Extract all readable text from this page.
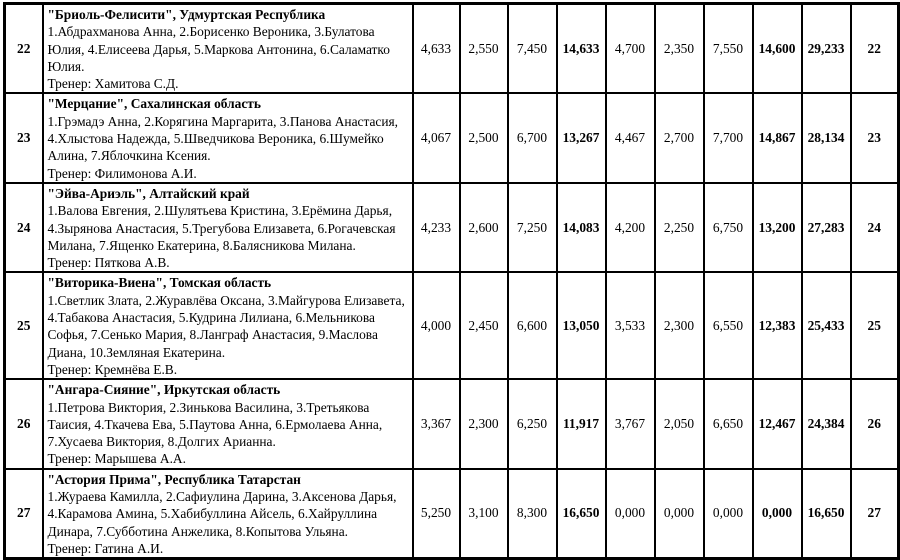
22	"Бриоль-Фелисити", Удмуртская Республика
1.Абдрахманова Анна, 2.Борисенко Вероника, 3.Булатова Юлия, 4.Елисеева Дарья, 5.Маркова Антонина, 6.Саламатко Юлия.
Тренер: Хамитова С.Д.	4,633	2,550	7,450	14,633	4,700	2,350	7,550	14,600	29,233	22
23	"Мерцание", Сахалинская область
1.Грэмадэ Анна, 2.Корягина Маргарита, 3.Панова Анастасия, 4.Хлыстова Надежда, 5.Шведчикова Вероника, 6.Шумейко Алина, 7.Яблочкина Ксения.
Тренер: Филимонова А.И.	4,067	2,500	6,700	13,267	4,467	2,700	7,700	14,867	28,134	23
24	"Эйва-Ариэль", Алтайский край
1.Валова Евгения, 2.Шулятьева Кристина, 3.Ерёмина Дарья, 4.Зырянова Анастасия, 5.Трегубова Елизавета, 6.Рогачевская Милана, 7.Ященко Екатерина, 8.Балясникова Милана.
Тренер: Пяткова А.В.	4,233	2,600	7,250	14,083	4,200	2,250	6,750	13,200	27,283	24
25	"Виторика-Виена", Томская область
1.Светлик Злата, 2.Журавлёва Оксана, 3.Майгурова Елизавета, 4.Табакова Анастасия, 5.Кудрина Лилиана, 6.Мельникова Софья, 7.Сенько Мария, 8.Ланграф Анастасия, 9.Маслова Диана, 10.Земляная Екатерина.
Тренер: Кремнёва Е.В.	4,000	2,450	6,600	13,050	3,533	2,300	6,550	12,383	25,433	25
26	"Ангара-Сияние", Иркутская область
1.Петрова Виктория, 2.Зинькова Василина, 3.Третьякова Таисия, 4.Ткачева Ева, 5.Паутова Анна, 6.Ермолаева Анна, 7.Хусаева Виктория, 8.Долгих Арианна.
Тренер: Марышева А.А.	3,367	2,300	6,250	11,917	3,767	2,050	6,650	12,467	24,384	26
27	"Астория Прима", Республика Татарстан
1.Жураева Камилла, 2.Сафиулина Дарина, 3.Аксенова Дарья, 4.Карамова Амина, 5.Хабибуллина Айсель, 6.Хайруллина Динара, 7.Субботина Анжелика, 8.Копытова Ульяна.
Тренер: Гатина А.И.	5,250	3,100	8,300	16,650	0,000	0,000	0,000	0,000	16,650	27
